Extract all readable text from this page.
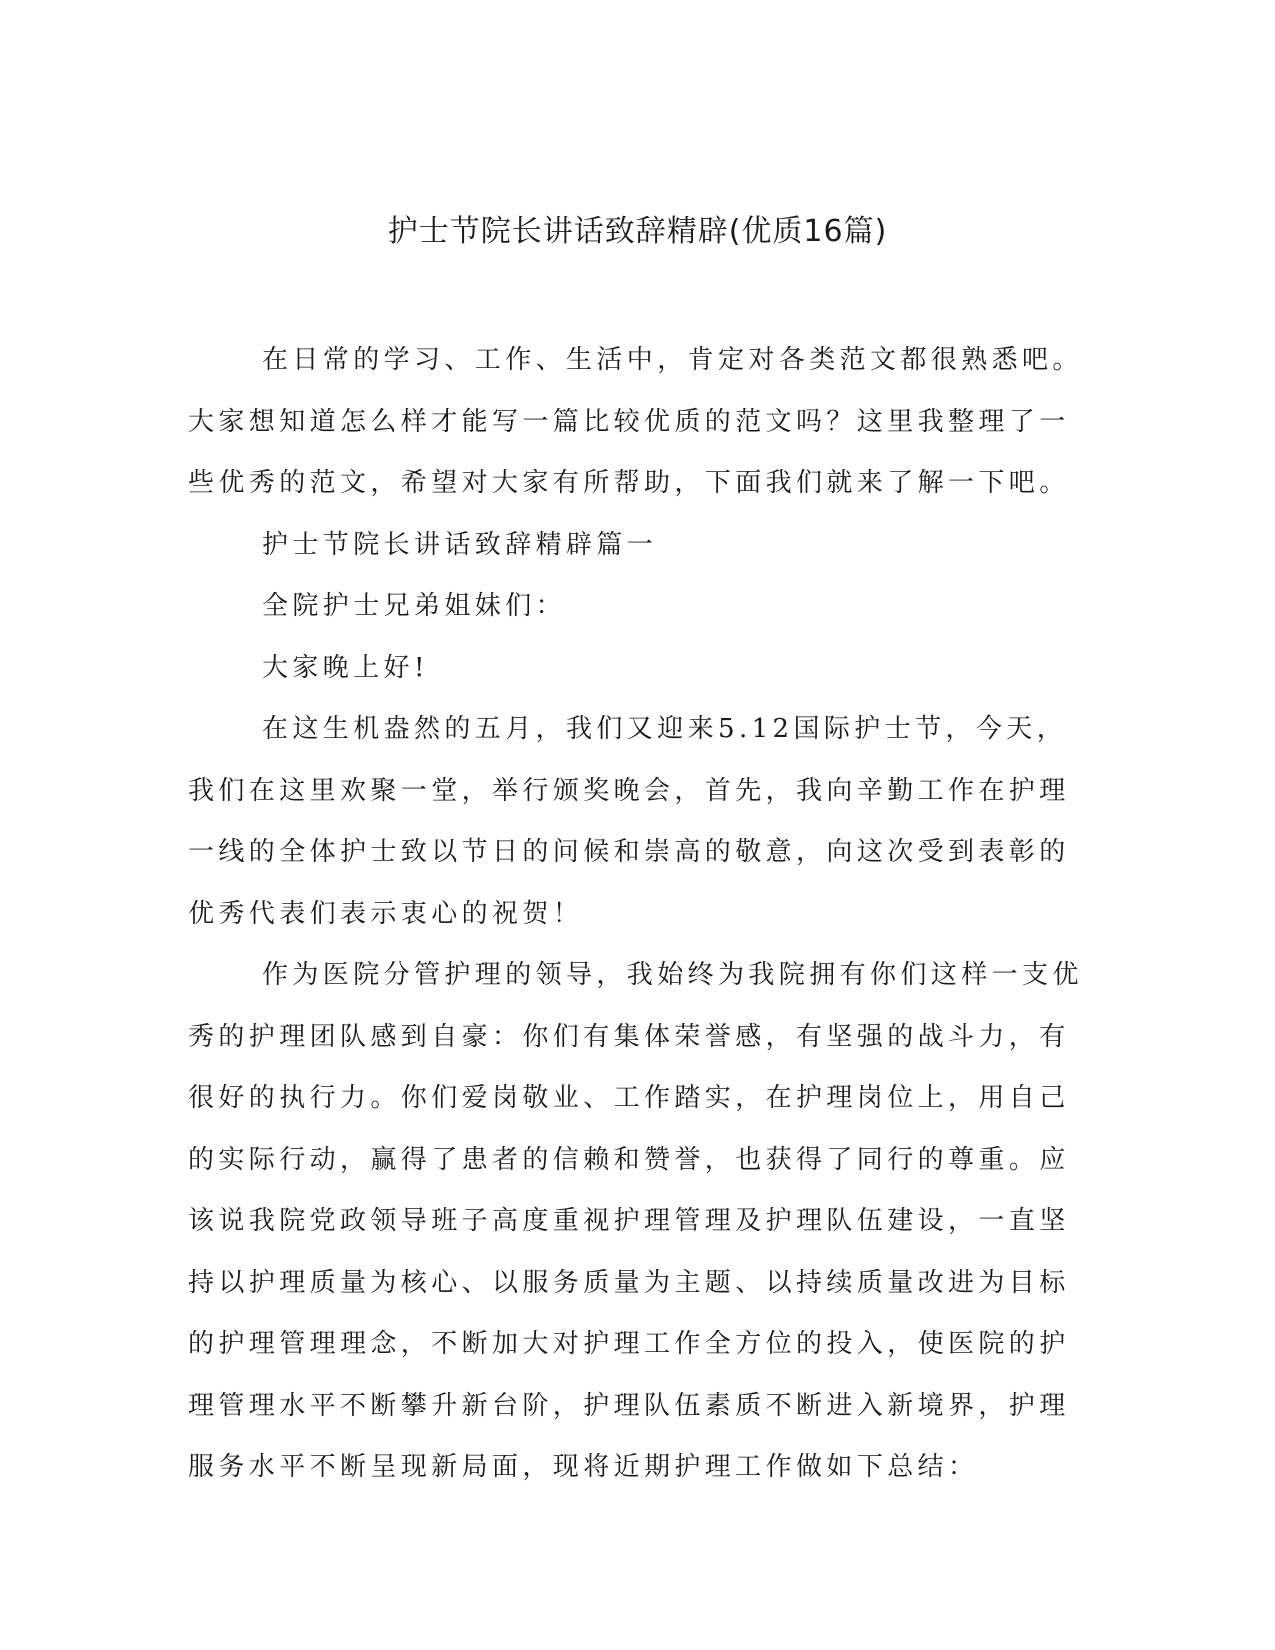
护士节院长讲话致辞精辟(优质16篇)

在日常的学习、工作、生活中，肯定对各类范文都很熟悉吧。大家想知道怎么样才能写一篇比较优质的范文吗？这里我整理了一些优秀的范文，希望对大家有所帮助，下面我们就来了解一下吧。

护士节院长讲话致辞精辟篇一

全院护士兄弟姐妹们：

大家晚上好!

在这生机盎然的五月，我们又迎来5.12国际护士节，今天，我们在这里欢聚一堂，举行颁奖晚会，首先，我向辛勤工作在护理一线的全体护士致以节日的问候和崇高的敬意，向这次受到表彰的优秀代表们表示衷心的祝贺！

作为医院分管护理的领导，我始终为我院拥有你们这样一支优秀的护理团队感到自豪：你们有集体荣誉感，有坚强的战斗力，有很好的执行力。你们爱岗敬业、工作踏实，在护理岗位上，用自己的实际行动，赢得了患者的信赖和赞誉，也获得了同行的尊重。应该说我院党政领导班子高度重视护理管理及护理队伍建设，一直坚持以护理质量为核心、以服务质量为主题、以持续质量改进为目标的护理管理理念，不断加大对护理工作全方位的投入，使医院的护理管理水平不断攀升新台阶，护理队伍素质不断进入新境界，护理服务水平不断呈现新局面，现将近期护理工作做如下总结：
